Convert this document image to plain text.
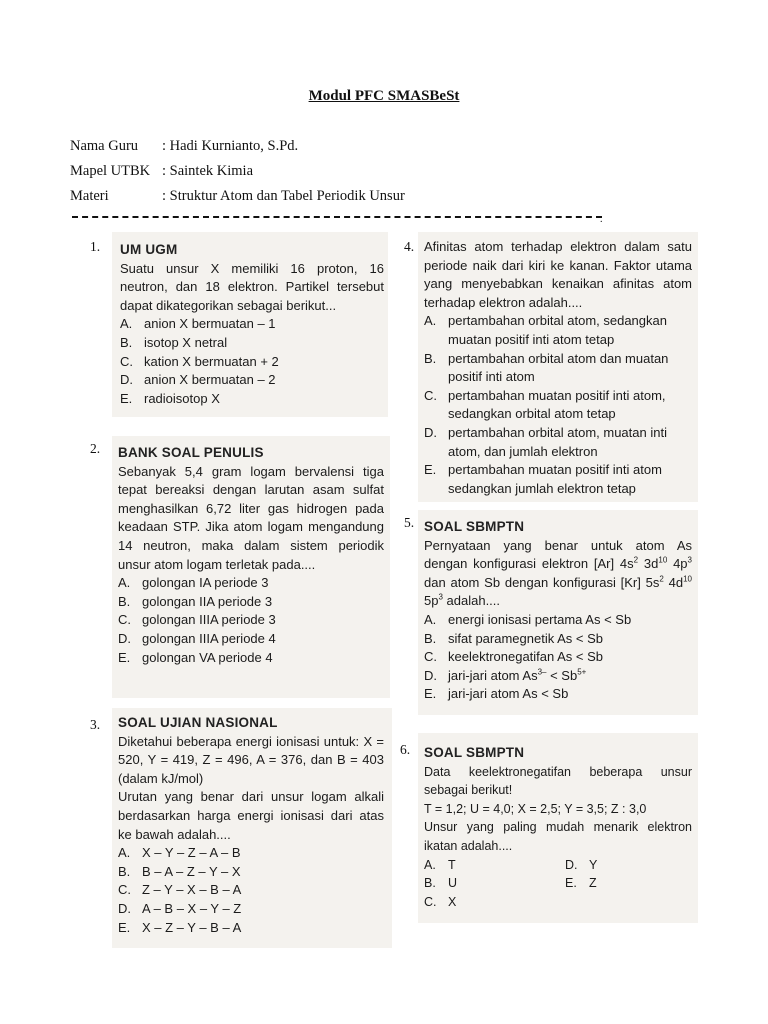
Modul PFC SMASBeSt
Nama Guru : Hadi Kurnianto, S.Pd.
Mapel UTBK : Saintek Kimia
Materi	: Struktur Atom dan Tabel Periodik Unsur
.
1.
2.
3.
4.
5.
6.
UM UGM
Suatu unsur X memiliki 16 proton, 16 neutron, dan 18 elektron. Partikel tersebut dapat dikategorikan sebagai berikut...
A. anion X bermuatan – 1
B. isotop X netral
C. kation X bermuatan + 2
D. anion X bermuatan – 2
E. radioisotop X
BANK SOAL PENULIS
Sebanyak 5,4 gram logam bervalensi tiga tepat bereaksi dengan larutan asam sulfat menghasilkan 6,72 liter gas hidrogen pada keadaan STP. Jika atom logam mengandung 14 neutron, maka dalam sistem periodik unsur atom logam terletak pada....
A. golongan IA periode 3
B. golongan IIA periode 3
C. golongan IIIA periode 3
D. golongan IIIA periode 4
E. golongan VA periode 4
SOAL UJIAN NASIONAL
Diketahui beberapa energi ionisasi untuk: X = 520, Y = 419, Z = 496, A = 376, dan B = 403 (dalam kJ/mol)
Urutan yang benar dari unsur logam alkali berdasarkan harga energi ionisasi dari atas ke bawah adalah....
A. X – Y – Z – A – B
B. B – A – Z – Y – X
C. Z – Y – X – B – A
D. A – B – X – Y – Z
E. X – Z – Y – B – A
Afinitas atom terhadap elektron dalam satu periode naik dari kiri ke kanan. Faktor utama yang menyebabkan kenaikan afinitas atom terhadap elektron adalah....
A. pertambahan orbital atom, sedangkan muatan positif inti atom tetap
B. pertambahan orbital atom dan muatan positif inti atom
C. pertambahan muatan positif inti atom, sedangkan orbital atom tetap
D. pertambahan orbital atom, muatan inti atom, dan jumlah elektron
E. pertambahan muatan positif inti atom sedangkan jumlah elektron tetap
SOAL SBMPTN
Pernyataan yang benar untuk atom As dengan konfigurasi elektron [Ar] $4s^2$ $3d^{10}$ $4p^3$ dan atom Sb dengan konfigurasi [Kr] $5s^2$ $4d^{10}$ $5p^3$ adalah....
A. energi ionisasi pertama As < Sb
B. sifat paramegnetik As < Sb
C. keelektronegatifan As < Sb
D. jari-jari atom $As^{3-} < Sb^{5+}$
E. jari-jari atom As < Sb
SOAL SBMPTN
Data keelektronegatifan beberapa unsur sebagai berikut!
T = 1,2; U = 4,0; X = 2,5; Y = 3,5; Z : 3,0
Unsur yang paling mudah menarik elektron ikatan adalah....
A. T
B. U
C. X
D. Y
E. Z
